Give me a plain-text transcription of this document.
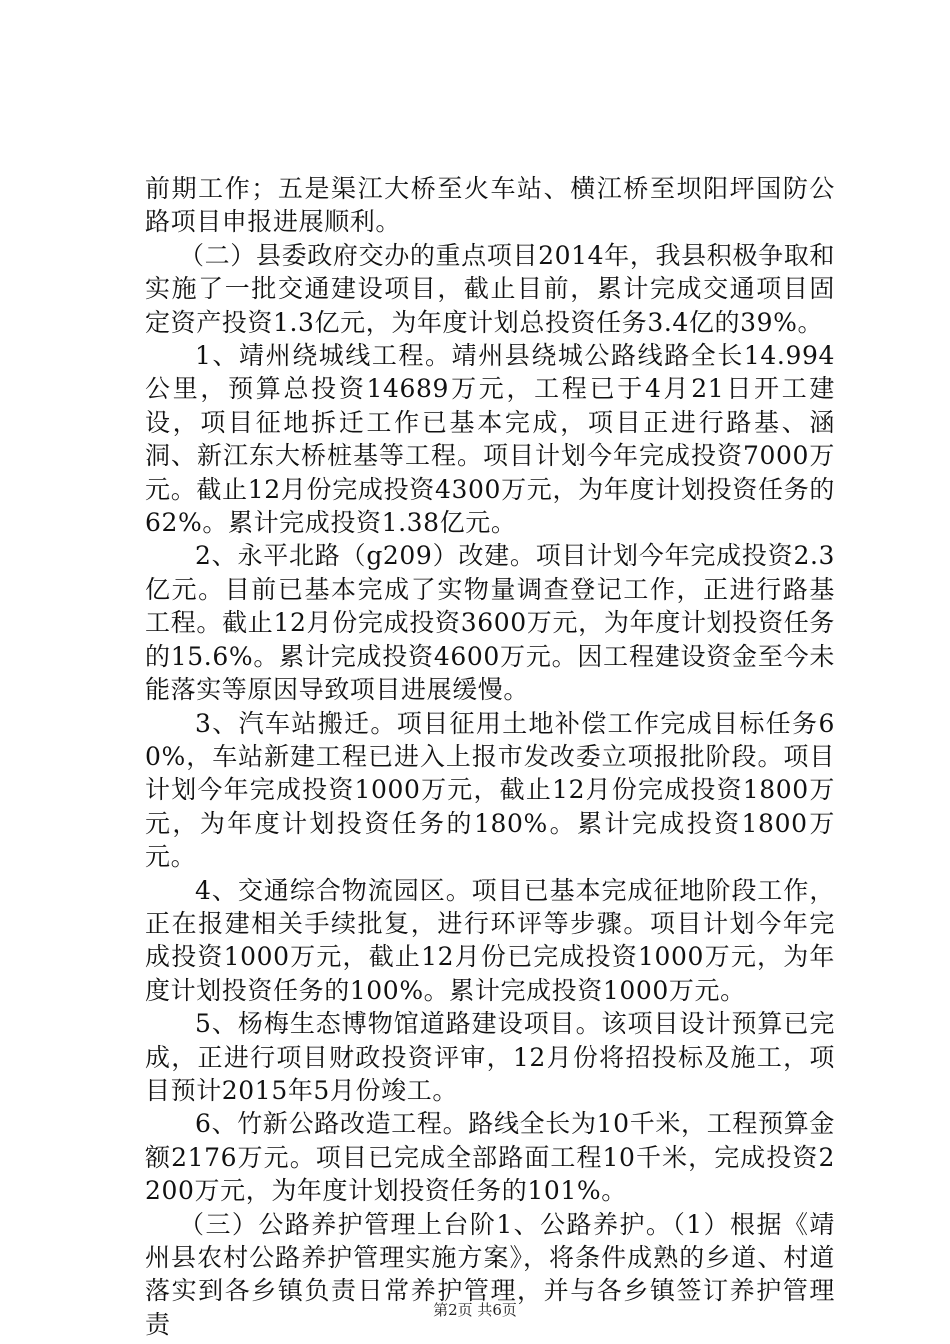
前期工作；五是渠江大桥至火车站、横江桥至坝阳坪国防公路项目申报进展顺利。

（二）县委政府交办的重点项目2014年，我县积极争取和实施了一批交通建设项目，截止目前，累计完成交通项目固定资产投资1.3亿元，为年度计划总投资任务3.4亿的39%。

1、靖州绕城线工程。靖州县绕城公路线路全长14.994公里，预算总投资14689万元，工程已于4月21日开工建设，项目征地拆迁工作已基本完成，项目正进行路基、涵洞、新江东大桥桩基等工程。项目计划今年完成投资7000万元。截止12月份完成投资4300万元，为年度计划投资任务的62%。累计完成投资1.38亿元。

2、永平北路（g209）改建。项目计划今年完成投资2.3亿元。目前已基本完成了实物量调查登记工作，正进行路基工程。截止12月份完成投资3600万元，为年度计划投资任务的15.6%。累计完成投资4600万元。因工程建设资金至今未能落实等原因导致项目进展缓慢。

3、汽车站搬迁。项目征用土地补偿工作完成目标任务60%，车站新建工程已进入上报市发改委立项报批阶段。项目计划今年完成投资1000万元，截止12月份完成投资1800万元，为年度计划投资任务的180%。累计完成投资1800万元。

4、交通综合物流园区。项目已基本完成征地阶段工作，正在报建相关手续批复，进行环评等步骤。项目计划今年完成投资1000万元，截止12月份已完成投资1000万元，为年度计划投资任务的100%。累计完成投资1000万元。

5、杨梅生态博物馆道路建设项目。该项目设计预算已完成，正进行项目财政投资评审，12月份将招投标及施工，项目预计2015年5月份竣工。

6、竹新公路改造工程。路线全长为10千米，工程预算金额2176万元。项目已完成全部路面工程10千米，完成投资2200万元，为年度计划投资任务的101%。

（三）公路养护管理上台阶1、公路养护。（1）根据《靖州县农村公路养护管理实施方案》，将条件成熟的乡道、村道落实到各乡镇负责日常养护管理，并与各乡镇签订养护管理责	第2页 共6页
